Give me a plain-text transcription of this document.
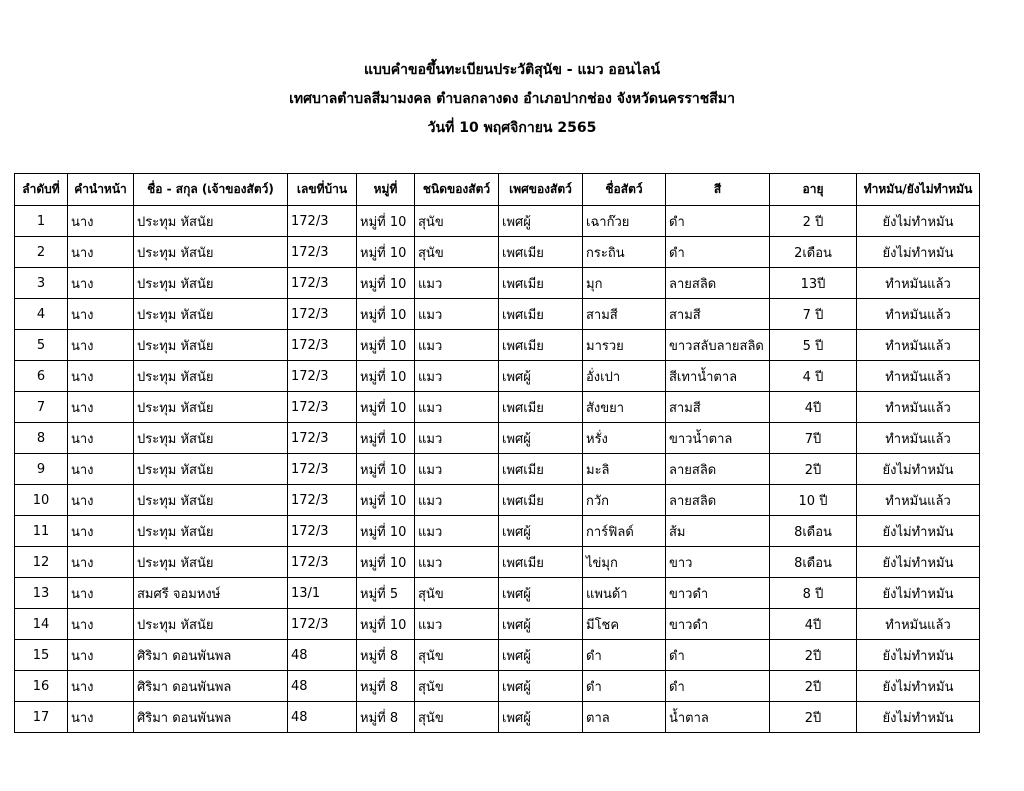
แบบคำขอขึ้นทะเบียนประวัติสุนัข - แมว ออนไลน์
เทศบาลตำบลสีมามงคล ตำบลกลางดง อำเภอปากช่อง จังหวัดนครราชสีมา
วันที่ 10 พฤศจิกายน 2565
ลำดับที่	คำนำหน้า	ชื่อ - สกุล (เจ้าของสัตว์)	เลขที่บ้าน	หมู่ที่	ชนิดของสัตว์	เพศของสัตว์	ชื่อสัตว์	สี	อายุ	ทำหมัน/ยังไม่ทำหมัน
1	นาง	ประทุม หัสนัย	172/3	หมู่ที่ 10	สุนัข	เพศผู้	เฉาก๊วย	ดำ	2 ปี	ยังไม่ทำหมัน
2	นาง	ประทุม หัสนัย	172/3	หมู่ที่ 10	สุนัข	เพศเมีย	กระถิน	ดำ	2เดือน	ยังไม่ทำหมัน
3	นาง	ประทุม หัสนัย	172/3	หมู่ที่ 10	แมว	เพศเมีย	มุก	ลายสลิด	13ปี	ทำหมันแล้ว
4	นาง	ประทุม หัสนัย	172/3	หมู่ที่ 10	แมว	เพศเมีย	สามสี	สามสี	7 ปี	ทำหมันแล้ว
5	นาง	ประทุม หัสนัย	172/3	หมู่ที่ 10	แมว	เพศเมีย	มารวย	ขาวสลับลายสลิด	5 ปี	ทำหมันแล้ว
6	นาง	ประทุม หัสนัย	172/3	หมู่ที่ 10	แมว	เพศผู้	อั่งเปา	สีเทาน้ำตาล	4 ปี	ทำหมันแล้ว
7	นาง	ประทุม หัสนัย	172/3	หมู่ที่ 10	แมว	เพศเมีย	สังขยา	สามสี	4ปี	ทำหมันแล้ว
8	นาง	ประทุม หัสนัย	172/3	หมู่ที่ 10	แมว	เพศผู้	หรั่ง	ขาวน้ำตาล	7ปี	ทำหมันแล้ว
9	นาง	ประทุม หัสนัย	172/3	หมู่ที่ 10	แมว	เพศเมีย	มะลิ	ลายสลิด	2ปี	ยังไม่ทำหมัน
10	นาง	ประทุม หัสนัย	172/3	หมู่ที่ 10	แมว	เพศเมีย	กวัก	ลายสลิด	10 ปี	ทำหมันแล้ว
11	นาง	ประทุม หัสนัย	172/3	หมู่ที่ 10	แมว	เพศผู้	การ์ฟิลด์	ส้ม	8เดือน	ยังไม่ทำหมัน
12	นาง	ประทุม หัสนัย	172/3	หมู่ที่ 10	แมว	เพศเมีย	ไข่มุก	ขาว	8เดือน	ยังไม่ทำหมัน
13	นาง	สมศรี จอมหงษ์	13/1	หมู่ที่ 5	สุนัข	เพศผู้	แพนด้า	ขาวดำ	8 ปี	ยังไม่ทำหมัน
14	นาง	ประทุม หัสนัย	172/3	หมู่ที่ 10	แมว	เพศผู้	มีโชค	ขาวดำ	4ปี	ทำหมันแล้ว
15	นาง	ศิริมา ดอนพันพล	48	หมู่ที่ 8	สุนัข	เพศผู้	ดำ	ดำ	2ปี	ยังไม่ทำหมัน
16	นาง	ศิริมา ดอนพันพล	48	หมู่ที่ 8	สุนัข	เพศผู้	ดำ	ดำ	2ปี	ยังไม่ทำหมัน
17	นาง	ศิริมา ดอนพันพล	48	หมู่ที่ 8	สุนัข	เพศผู้	ตาล	น้ำตาล	2ปี	ยังไม่ทำหมัน
